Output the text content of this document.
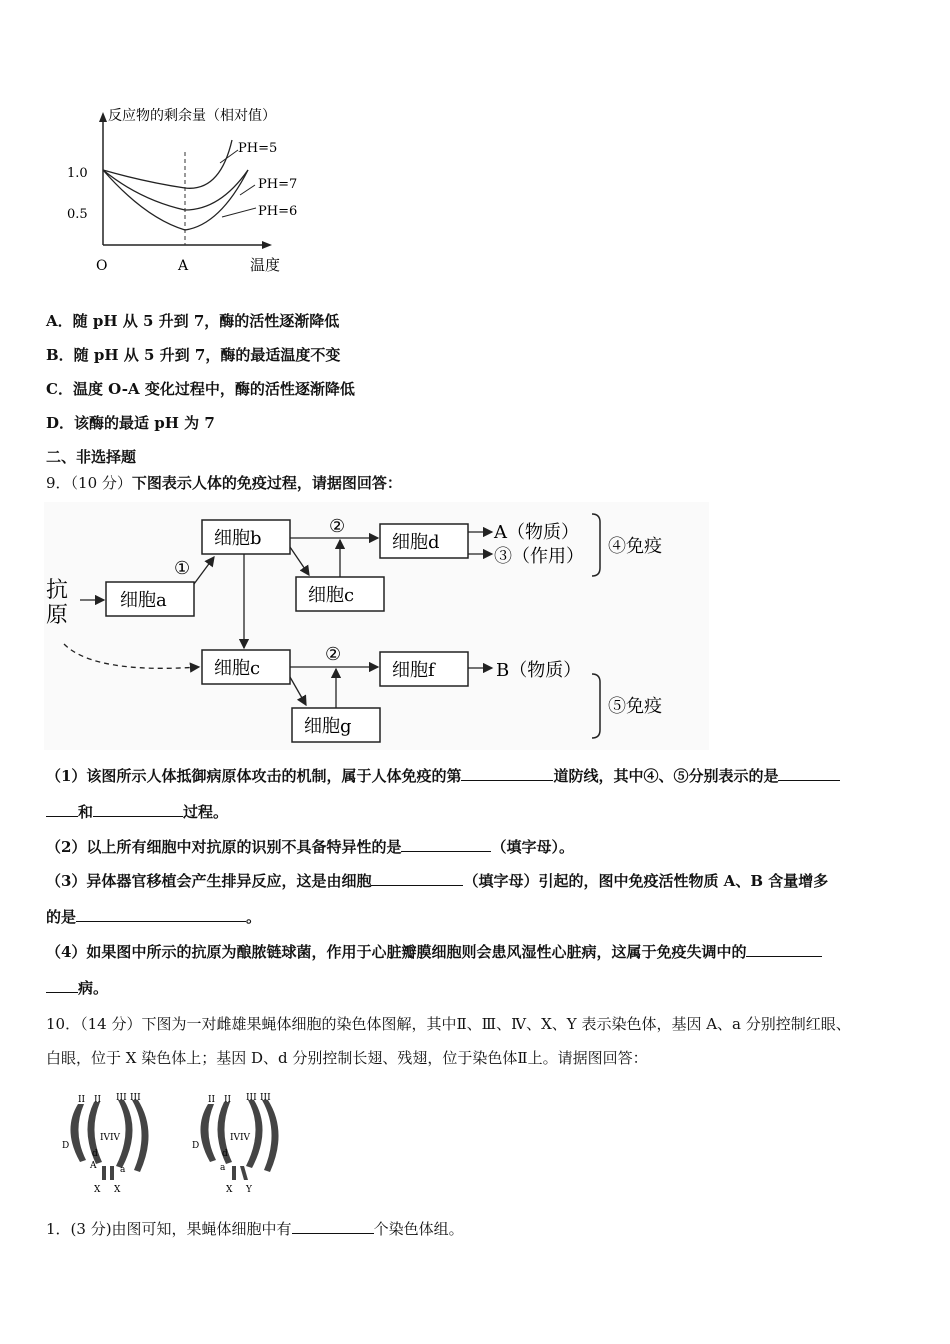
反应物的剩余量（相对值）
1.0
0.5
O	A	温度
PH=5
PH=7
PH=6
A．随 pH 从 5 升到 7，酶的活性逐渐降低
B．随 pH 从 5 升到 7，酶的最适温度不变
C．温度 O-A 变化过程中，酶的活性逐渐降低
D．该酶的最适 pH 为 7
二、非选择题
9．（10 分）下图表示人体的免疫过程，请据图回答：
抗
原
细胞a
细胞b
细胞c
细胞d
细胞c	细胞f
细胞g
①
②	A（物质）
③（作用） ④免疫
②
B（物质）
⑤免疫
（1）该图所示人体抵御病原体攻击的机制，属于人体免疫的第	道防线，其中④、⑤分别表示的是
和	过程。
（2）以上所有细胞中对抗原的识别不具备特异性的是	（填字母）。
（3）异体器官移植会产生排异反应，这是由细胞	（填字母）引起的，图中免疫活性物质 A、B 含量增多
的是	。
（4）如果图中所示的抗原为酿脓链球菌，作用于心脏瓣膜细胞则会患风湿性心脏病，这属于免疫失调中的
病。
10．（14 分）下图为一对雌雄果蝇体细胞的染色体图解，其中Ⅱ、Ⅲ、Ⅳ、X、Y 表示染色体，基因 A、a 分别控制红眼、
白眼，位于 X 染色体上；基因 D、d 分别控制长翅、残翅，位于染色体Ⅱ上。请据图回答：
II II III III
D
d
IV IV
A	a
X X
II II III III
D
d
IV IV
a
X Y
1．(3 分)由图可知，果蝇体细胞中有	个染色体组。
